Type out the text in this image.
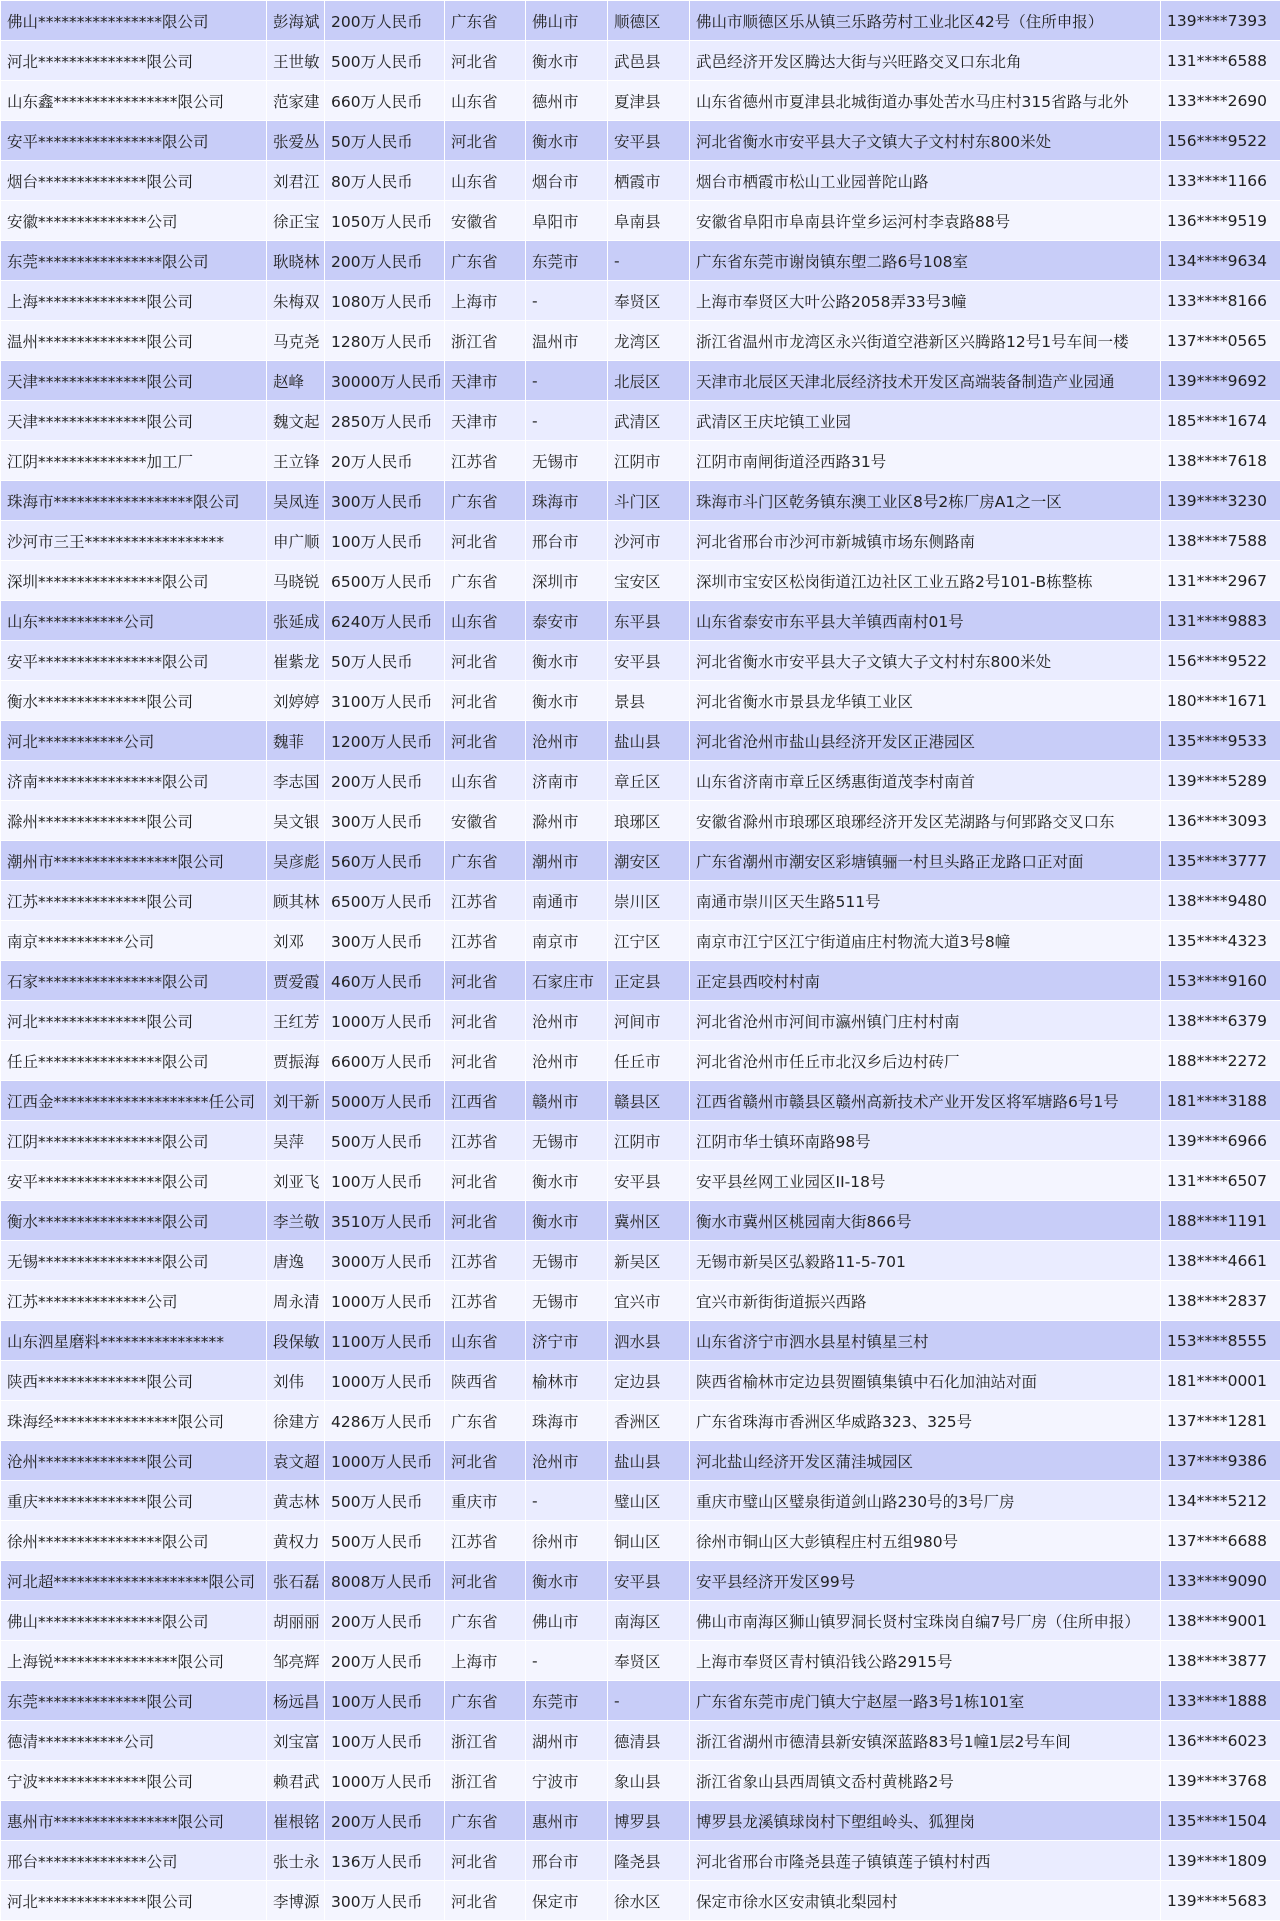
佛山****************限公司	彭海斌	200万人民币	广东省	佛山市	顺德区	佛山市顺德区乐从镇三乐路劳村工业北区42号（住所申报）	139****7393
河北**************限公司	王世敏	500万人民币	河北省	衡水市	武邑县	武邑经济开发区腾达大街与兴旺路交叉口东北角	131****6588
山东鑫****************限公司	范家建	660万人民币	山东省	德州市	夏津县	山东省德州市夏津县北城街道办事处苦水马庄村315省路与北外	133****2690
安平****************限公司	张爱丛	50万人民币	河北省	衡水市	安平县	河北省衡水市安平县大子文镇大子文村村东800米处	156****9522
烟台**************限公司	刘君江	80万人民币	山东省	烟台市	栖霞市	烟台市栖霞市松山工业园普陀山路	133****1166
安徽**************公司	徐正宝	1050万人民币	安徽省	阜阳市	阜南县	安徽省阜阳市阜南县许堂乡运河村李袁路88号	136****9519
东莞****************限公司	耿晓林	200万人民币	广东省	东莞市	-	广东省东莞市谢岗镇东塱二路6号108室	134****9634
上海**************限公司	朱梅双	1080万人民币	上海市	-	奉贤区	上海市奉贤区大叶公路2058弄33号3幢	133****8166
温州**************限公司	马克尧	1280万人民币	浙江省	温州市	龙湾区	浙江省温州市龙湾区永兴街道空港新区兴腾路12号1号车间一楼	137****0565
天津**************限公司	赵峰	30000万人民币	天津市	-	北辰区	天津市北辰区天津北辰经济技术开发区高端装备制造产业园通	139****9692
天津**************限公司	魏文起	2850万人民币	天津市	-	武清区	武清区王庆坨镇工业园	185****1674
江阴**************加工厂	王立锋	20万人民币	江苏省	无锡市	江阴市	江阴市南闸街道泾西路31号	138****7618
珠海市******************限公司	吴凤连	300万人民币	广东省	珠海市	斗门区	珠海市斗门区乾务镇东澳工业区8号2栋厂房A1之一区	139****3230
沙河市三王******************	申广顺	100万人民币	河北省	邢台市	沙河市	河北省邢台市沙河市新城镇市场东侧路南	138****7588
深圳****************限公司	马晓锐	6500万人民币	广东省	深圳市	宝安区	深圳市宝安区松岗街道江边社区工业五路2号101-B栋整栋	131****2967
山东***********公司	张延成	6240万人民币	山东省	泰安市	东平县	山东省泰安市东平县大羊镇西南村01号	131****9883
安平****************限公司	崔紫龙	50万人民币	河北省	衡水市	安平县	河北省衡水市安平县大子文镇大子文村村东800米处	156****9522
衡水**************限公司	刘婷婷	3100万人民币	河北省	衡水市	景县	河北省衡水市景县龙华镇工业区	180****1671
河北***********公司	魏菲	1200万人民币	河北省	沧州市	盐山县	河北省沧州市盐山县经济开发区正港园区	135****9533
济南****************限公司	李志国	200万人民币	山东省	济南市	章丘区	山东省济南市章丘区绣惠街道茂李村南首	139****5289
滁州**************限公司	吴文银	300万人民币	安徽省	滁州市	琅琊区	安徽省滁州市琅琊区琅琊经济开发区芜湖路与何郢路交叉口东	136****3093
潮州市****************限公司	吴彦彪	560万人民币	广东省	潮州市	潮安区	广东省潮州市潮安区彩塘镇骊一村旦头路正龙路口正对面	135****3777
江苏**************限公司	顾其林	6500万人民币	江苏省	南通市	崇川区	南通市崇川区天生路511号	138****9480
南京***********公司	刘邓	300万人民币	江苏省	南京市	江宁区	南京市江宁区江宁街道庙庄村物流大道3号8幢	135****4323
石家****************限公司	贾爱霞	460万人民币	河北省	石家庄市	正定县	正定县西咬村村南	153****9160
河北**************限公司	王红芳	1000万人民币	河北省	沧州市	河间市	河北省沧州市河间市瀛州镇门庄村村南	138****6379
任丘****************限公司	贾振海	6600万人民币	河北省	沧州市	任丘市	河北省沧州市任丘市北汉乡后边村砖厂	188****2272
江西金********************任公司	刘干新	5000万人民币	江西省	赣州市	赣县区	江西省赣州市赣县区赣州高新技术产业开发区将军塘路6号1号	181****3188
江阴****************限公司	吴萍	500万人民币	江苏省	无锡市	江阴市	江阴市华士镇环南路98号	139****6966
安平****************限公司	刘亚飞	100万人民币	河北省	衡水市	安平县	安平县丝网工业园区II-18号	131****6507
衡水****************限公司	李兰敬	3510万人民币	河北省	衡水市	冀州区	衡水市冀州区桃园南大街866号	188****1191
无锡****************限公司	唐逸	3000万人民币	江苏省	无锡市	新吴区	无锡市新吴区弘毅路11-5-701	138****4661
江苏**************公司	周永清	1000万人民币	江苏省	无锡市	宜兴市	宜兴市新街街道振兴西路	138****2837
山东泗星磨料****************	段保敏	1100万人民币	山东省	济宁市	泗水县	山东省济宁市泗水县星村镇星三村	153****8555
陕西**************限公司	刘伟	1000万人民币	陕西省	榆林市	定边县	陕西省榆林市定边县贺圈镇集镇中石化加油站对面	181****0001
珠海经****************限公司	徐建方	4286万人民币	广东省	珠海市	香洲区	广东省珠海市香洲区华威路323、325号	137****1281
沧州**************限公司	袁文超	1000万人民币	河北省	沧州市	盐山县	河北盐山经济开发区蒲洼城园区	137****9386
重庆**************限公司	黄志林	500万人民币	重庆市	-	璧山区	重庆市璧山区璧泉街道剑山路230号的3号厂房	134****5212
徐州****************限公司	黄权力	500万人民币	江苏省	徐州市	铜山区	徐州市铜山区大彭镇程庄村五组980号	137****6688
河北超********************限公司	张石磊	8008万人民币	河北省	衡水市	安平县	安平县经济开发区99号	133****9090
佛山****************限公司	胡丽丽	200万人民币	广东省	佛山市	南海区	佛山市南海区狮山镇罗洞长贤村宝珠岗自编7号厂房（住所申报）	138****9001
上海锐****************限公司	邹亮辉	200万人民币	上海市	-	奉贤区	上海市奉贤区青村镇沿钱公路2915号	138****3877
东莞**************限公司	杨远昌	100万人民币	广东省	东莞市	-	广东省东莞市虎门镇大宁赵屋一路3号1栋101室	133****1888
德清***********公司	刘宝富	100万人民币	浙江省	湖州市	德清县	浙江省湖州市德清县新安镇深蓝路83号1幢1层2号车间	136****6023
宁波**************限公司	赖君武	1000万人民币	浙江省	宁波市	象山县	浙江省象山县西周镇文岙村黄桃路2号	139****3768
惠州市****************限公司	崔根铭	200万人民币	广东省	惠州市	博罗县	博罗县龙溪镇球岗村下塱组岭头、狐狸岗	135****1504
邢台**************公司	张士永	136万人民币	河北省	邢台市	隆尧县	河北省邢台市隆尧县莲子镇镇莲子镇村村西	139****1809
河北**************限公司	李博源	300万人民币	河北省	保定市	徐水区	保定市徐水区安肃镇北梨园村	139****5683
